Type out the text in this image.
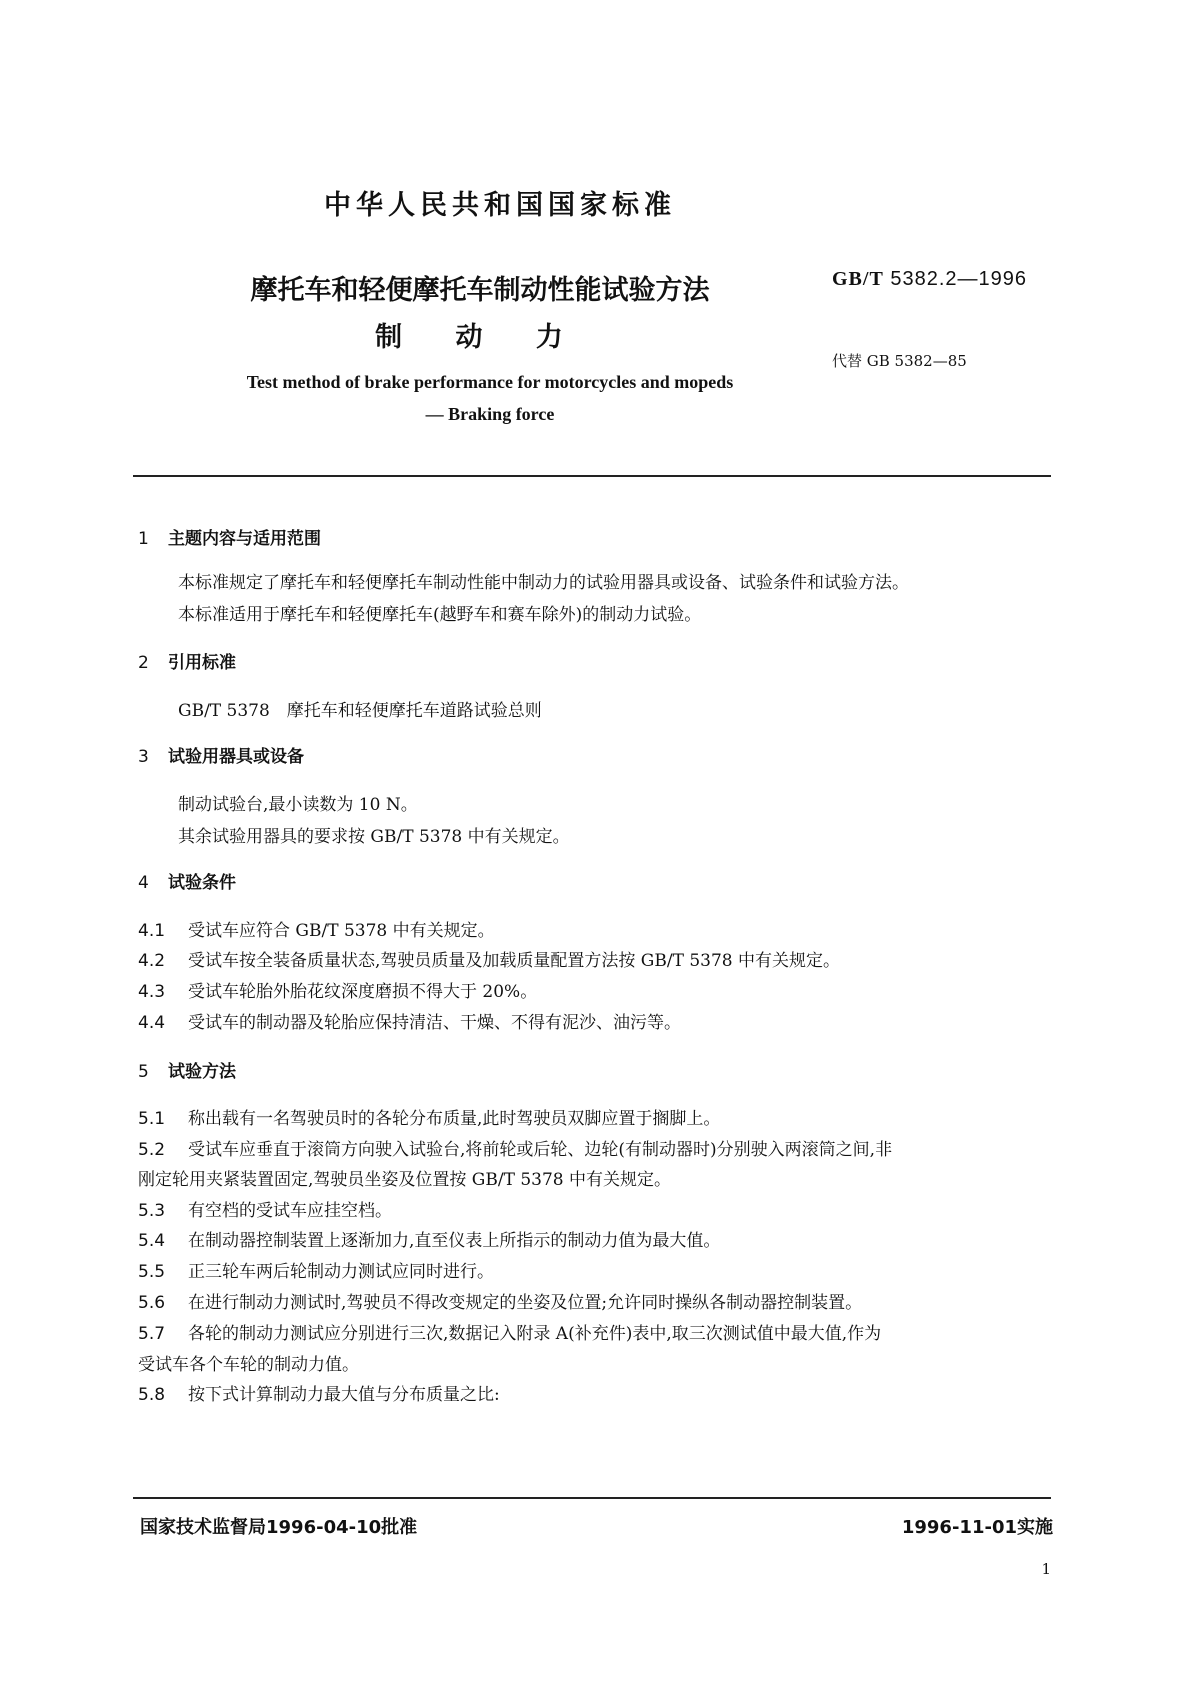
中华人民共和国国家标准
摩托车和轻便摩托车制动性能试验方法
制 动 力
GB/T 5382.2—1996
代替 GB 5382—85
Test method of brake performance for motorcycles and mopeds
— Braking force
1 主题内容与适用范围
本标准规定了摩托车和轻便摩托车制动性能中制动力的试验用器具或设备、试验条件和试验方法。
本标准适用于摩托车和轻便摩托车(越野车和赛车除外)的制动力试验。
2 引用标准
GB/T 5378　摩托车和轻便摩托车道路试验总则
3 试验用器具或设备
制动试验台,最小读数为 10 N。
其余试验用器具的要求按 GB/T 5378 中有关规定。
4 试验条件
4.1 受试车应符合 GB/T 5378 中有关规定。
4.2 受试车按全装备质量状态,驾驶员质量及加载质量配置方法按 GB/T 5378 中有关规定。
4.3 受试车轮胎外胎花纹深度磨损不得大于 20%。
4.4 受试车的制动器及轮胎应保持清洁、干燥、不得有泥沙、油污等。
5 试验方法
5.1 称出载有一名驾驶员时的各轮分布质量,此时驾驶员双脚应置于搁脚上。
5.2 受试车应垂直于滚筒方向驶入试验台,将前轮或后轮、边轮(有制动器时)分别驶入两滚筒之间,非
刚定轮用夹紧装置固定,驾驶员坐姿及位置按 GB/T 5378 中有关规定。
5.3 有空档的受试车应挂空档。
5.4 在制动器控制装置上逐渐加力,直至仪表上所指示的制动力值为最大值。
5.5 正三轮车两后轮制动力测试应同时进行。
5.6 在进行制动力测试时,驾驶员不得改变规定的坐姿及位置;允许同时操纵各制动器控制装置。
5.7 各轮的制动力测试应分别进行三次,数据记入附录 A(补充件)表中,取三次测试值中最大值,作为
受试车各个车轮的制动力值。
5.8 按下式计算制动力最大值与分布质量之比:
国家技术监督局1996-04-10批准	1996-11-01实施
1
